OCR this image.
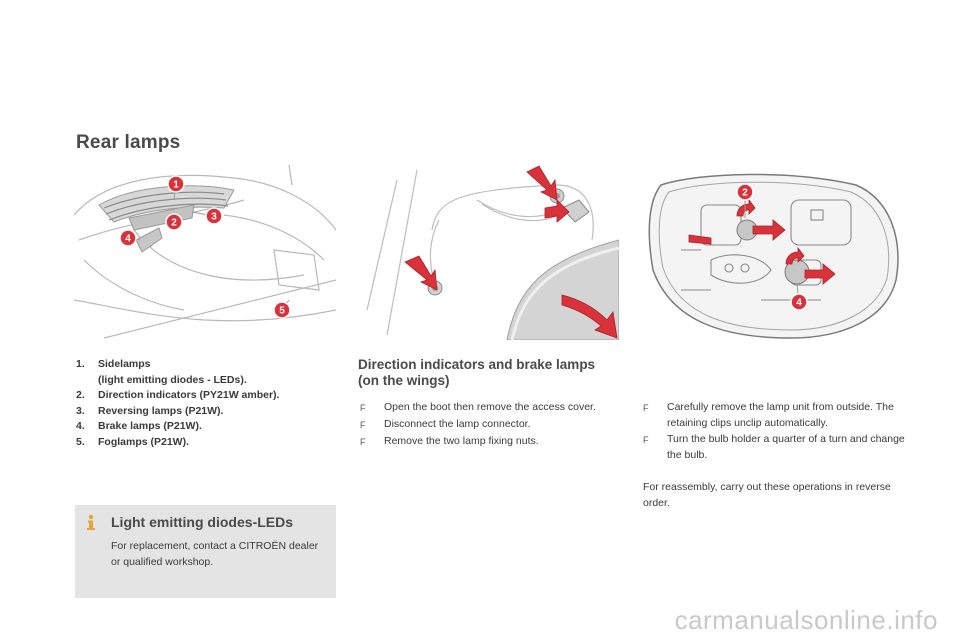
Rear lamps
1
2
3
4
5
2
4
1.	Sidelamps
(light emitting diodes - LEDs).
2.	Direction indicators (PY21W amber).
3.	Reversing lamps (P21W).
4.	Brake lamps (P21W).
5.	Foglamps (P21W).
Direction indicators and brake lamps (on the wings)
F	Open the boot then remove the access cover.
F	Disconnect the lamp connector.
F	Remove the two lamp fixing nuts.
F	Carefully remove the lamp unit from outside. The retaining clips unclip automatically.
F	Turn the bulb holder a quarter of a turn and change the bulb.

For reassembly, carry out these operations in reverse order.

Light emitting diodes-LEDs

For replacement, contact a CITROËN dealer or qualified workshop.

carmanualsonline.info
